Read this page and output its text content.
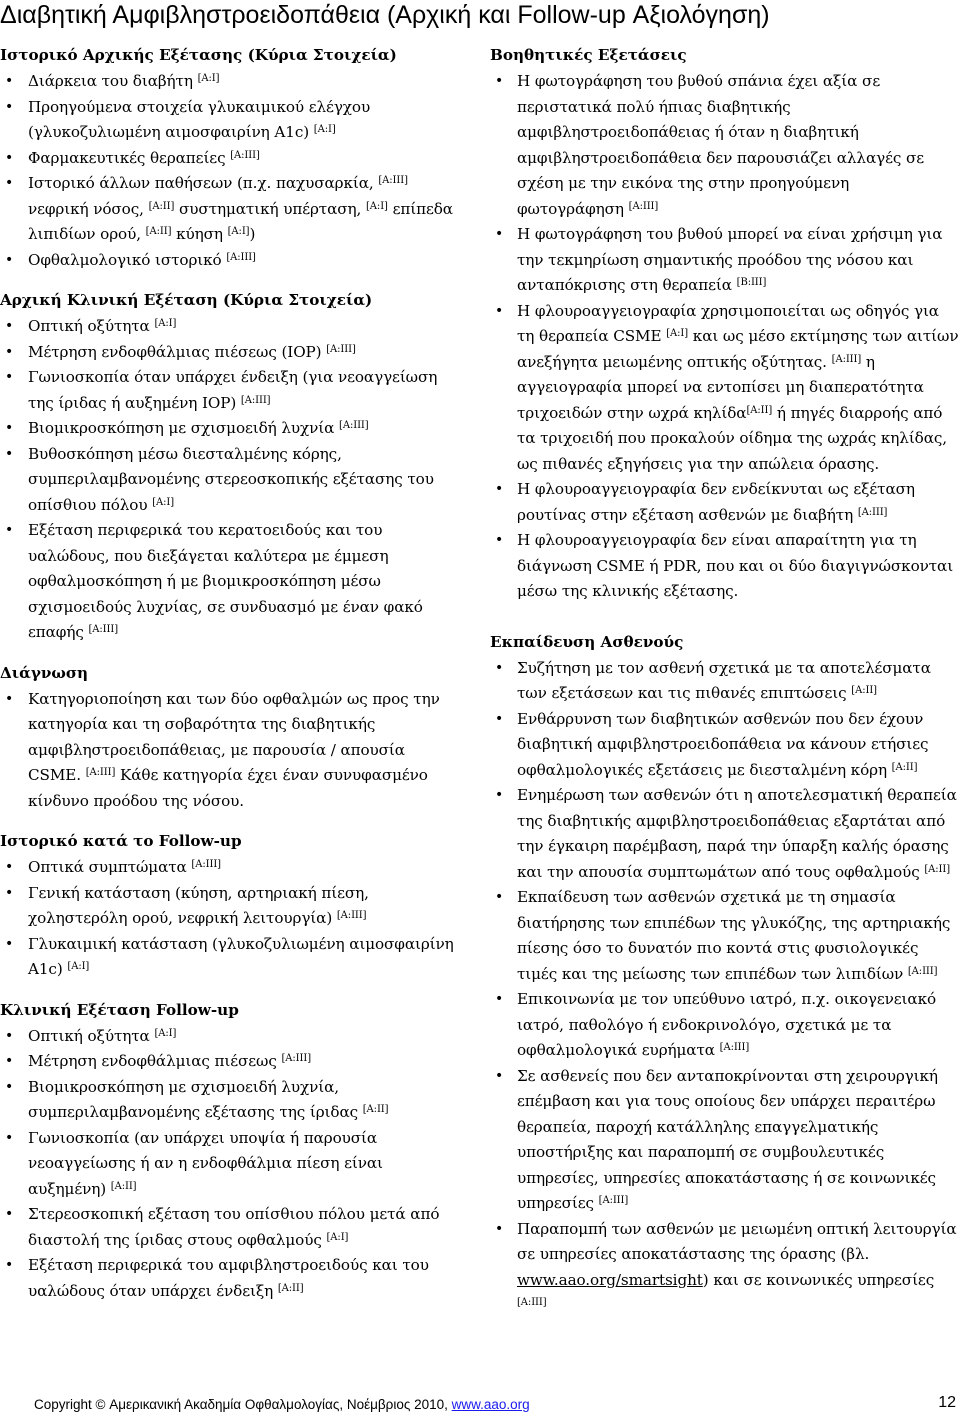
Διαβητική Αμφιβληστροειδοπάθεια (Αρχική και Follow-up Αξιολόγηση)
Ιστορικό Αρχικής Εξέτασης (Κύρια Στοιχεία)
• Διάρκεια του διαβήτη [A:I]
• Προηγούμενα στοιχεία γλυκαιμικού ελέγχου (γλυκοζυλιωμένη αιμοσφαιρίνη A1c) [A:I]
• Φαρμακευτικές θεραπείες [A:III]
• Ιστορικό άλλων παθήσεων (π.χ. παχυσαρκία, [A:III] νεφρική νόσος, [A:II] συστηματική υπέρταση, [A:I] επίπεδα λιπιδίων ορού, [A:II] κύηση [A:I])
• Οφθαλμολογικό ιστορικό [A:III]
Αρχική Κλινική Εξέταση (Κύρια Στοιχεία)
• Οπτική οξύτητα [A:I]
• Μέτρηση ενδοφθάλμιας πιέσεως (IOP) [A:III]
• Γωνιοσκοπία όταν υπάρχει ένδειξη (για νεοαγγείωση της ίριδας ή αυξημένη IOP) [A:III]
• Βιομικροσκόπηση με σχισμοειδή λυχνία [A:III]
• Βυθοσκόπηση μέσω διεσταλμένης κόρης, συμπεριλαμβανομένης στερεοσκοπικής εξέτασης του οπίσθιου πόλου [A:I]
• Εξέταση περιφερικά του κερατοειδούς και του υαλώδους, που διεξάγεται καλύτερα με έμμεση οφθαλμοσκόπηση ή με βιομικροσκόπηση μέσω σχισμοειδούς λυχνίας, σε συνδυασμό με έναν φακό επαφής [A:III]
Διάγνωση
• Κατηγοριοποίηση και των δύο οφθαλμών ως προς την κατηγορία και τη σοβαρότητα της διαβητικής αμφιβληστροειδοπάθειας, με παρουσία / απουσία CSME. [A:III] Κάθε κατηγορία έχει έναν συνυφασμένο κίνδυνο προόδου της νόσου.
Ιστορικό κατά το Follow-up
• Οπτικά συμπτώματα [A:III]
• Γενική κατάσταση (κύηση, αρτηριακή πίεση, χοληστερόλη ορού, νεφρική λειτουργία) [A:III]
• Γλυκαιμική κατάσταση (γλυκοζυλιωμένη αιμοσφαιρίνη A1c) [A:I]
Κλινική Εξέταση Follow-up
• Οπτική οξύτητα [A:I]
• Μέτρηση ενδοφθάλμιας πιέσεως [A:III]
• Βιομικροσκόπηση με σχισμοειδή λυχνία, συμπεριλαμβανομένης εξέτασης της ίριδας [A:II]
• Γωνιοσκοπία (αν υπάρχει υποψία ή παρουσία νεοαγγείωσης ή αν η ενδοφθάλμια πίεση είναι αυξημένη) [A:II]
• Στερεοσκοπική εξέταση του οπίσθιου πόλου μετά από διαστολή της ίριδας στους οφθαλμούς [A:I]
• Εξέταση περιφερικά του αμφιβληστροειδούς και του υαλώδους όταν υπάρχει ένδειξη [A:II]
Βοηθητικές Εξετάσεις
• Η φωτογράφηση του βυθού σπάνια έχει αξία σε περιστατικά πολύ ήπιας διαβητικής αμφιβληστροειδοπάθειας ή όταν η διαβητική αμφιβληστροειδοπάθεια δεν παρουσιάζει αλλαγές σε σχέση με την εικόνα της στην προηγούμενη φωτογράφηση [A:III]
• Η φωτογράφηση του βυθού μπορεί να είναι χρήσιμη για την τεκμηρίωση σημαντικής προόδου της νόσου και ανταπόκρισης στη θεραπεία [B:III]
• Η φλουροαγγειογραφία χρησιμοποιείται ως οδηγός για τη θεραπεία CSME [A:I] και ως μέσο εκτίμησης των αιτίων ανεξήγητα μειωμένης οπτικής οξύτητας. [A:III] η αγγειογραφία μπορεί να εντοπίσει μη διαπερατότητα τριχοειδών στην ωχρά κηλίδα[A:II] ή πηγές διαρροής από τα τριχοειδή που προκαλούν οίδημα της ωχράς κηλίδας, ως πιθανές εξηγήσεις για την απώλεια όρασης.
• Η φλουροαγγειογραφία δεν ενδείκνυται ως εξέταση ρουτίνας στην εξέταση ασθενών με διαβήτη [A:III]
• Η φλουροαγγειογραφία δεν είναι απαραίτητη για τη διάγνωση CSME ή PDR, που και οι δύο διαγιγνώσκονται μέσω της κλινικής εξέτασης.
Εκπαίδευση Ασθενούς
• Συζήτηση με τον ασθενή σχετικά με τα αποτελέσματα των εξετάσεων και τις πιθανές επιπτώσεις [A:II]
• Ενθάρρυνση των διαβητικών ασθενών που δεν έχουν διαβητική αμφιβληστροειδοπάθεια να κάνουν ετήσιες οφθαλμολογικές εξετάσεις με διεσταλμένη κόρη [A:II]
• Ενημέρωση των ασθενών ότι η αποτελεσματική θεραπεία της διαβητικής αμφιβληστροειδοπάθειας εξαρτάται από την έγκαιρη παρέμβαση, παρά την ύπαρξη καλής όρασης και την απουσία συμπτωμάτων από τους οφθαλμούς [A:II]
• Εκπαίδευση των ασθενών σχετικά με τη σημασία διατήρησης των επιπέδων της γλυκόζης, της αρτηριακής πίεσης όσο το δυνατόν πιο κοντά στις φυσιολογικές τιμές και της μείωσης των επιπέδων των λιπιδίων [A:III]
• Επικοινωνία με τον υπεύθυνο ιατρό, π.χ. οικογενειακό ιατρό, παθολόγο ή ενδοκρινολόγο, σχετικά με τα οφθαλμολογικά ευρήματα [A:III]
• Σε ασθενείς που δεν ανταποκρίνονται στη χειρουργική επέμβαση και για τους οποίους δεν υπάρχει περαιτέρω θεραπεία, παροχή κατάλληλης επαγγελματικής υποστήριξης και παραπομπή σε συμβουλευτικές υπηρεσίες, υπηρεσίες αποκατάστασης ή σε κοινωνικές υπηρεσίες [A:III]
• Παραπομπή των ασθενών με μειωμένη οπτική λειτουργία σε υπηρεσίες αποκατάστασης της όρασης (βλ. www.aao.org/smartsight) και σε κοινωνικές υπηρεσίες [A:III]
Copyright © Αμερικανική Ακαδημία Οφθαλμολογίας, Νοέμβριος 2010, www.aao.org	12
